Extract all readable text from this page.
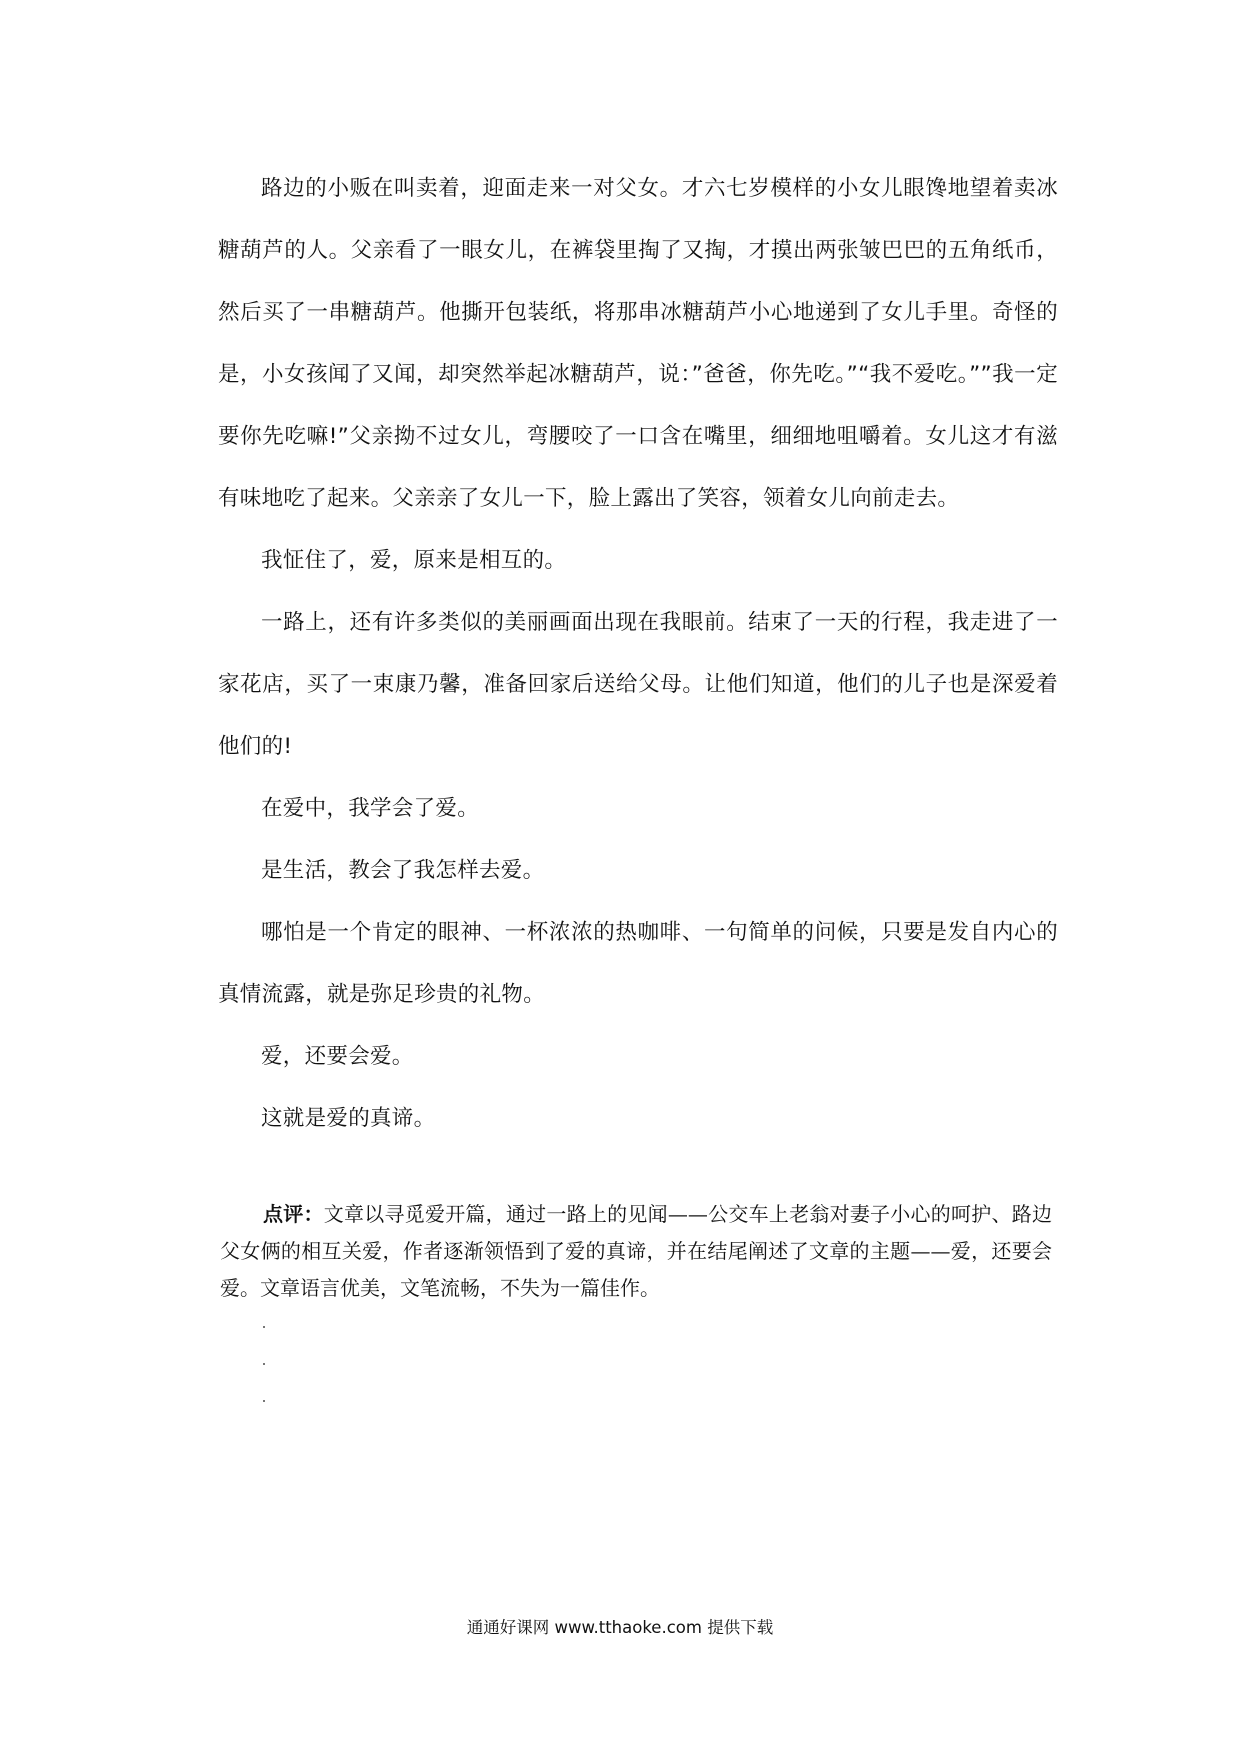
路边的小贩在叫卖着，迎面走来一对父女。才六七岁模样的小女儿眼馋地望着卖冰糖葫芦的人。父亲看了一眼女儿，在裤袋里掏了又掏，才摸出两张皱巴巴的五角纸币，然后买了一串糖葫芦。他撕开包装纸，将那串冰糖葫芦小心地递到了女儿手里。奇怪的是，小女孩闻了又闻，却突然举起冰糖葫芦，说：”爸爸，你先吃。”“我不爱吃。””我一定要你先吃嘛!”父亲拗不过女儿，弯腰咬了一口含在嘴里，细细地咀嚼着。女儿这才有滋有味地吃了起来。父亲亲了女儿一下，脸上露出了笑容，领着女儿向前走去。

我怔住了，爱，原来是相互的。

一路上，还有许多类似的美丽画面出现在我眼前。结束了一天的行程，我走进了一家花店，买了一束康乃馨，准备回家后送给父母。让他们知道，他们的儿子也是深爱着他们的!

在爱中，我学会了爱。

是生活，教会了我怎样去爱。

哪怕是一个肯定的眼神、一杯浓浓的热咖啡、一句简单的问候，只要是发自内心的真情流露，就是弥足珍贵的礼物。

爱，还要会爱。

这就是爱的真谛。

点评：文章以寻觅爱开篇，通过一路上的见闻——公交车上老翁对妻子小心的呵护、路边父女俩的相互关爱，作者逐渐领悟到了爱的真谛，并在结尾阐述了文章的主题——爱，还要会爱。文章语言优美，文笔流畅，不失为一篇佳作。

通通好课网 www.tthaoke.com 提供下载
